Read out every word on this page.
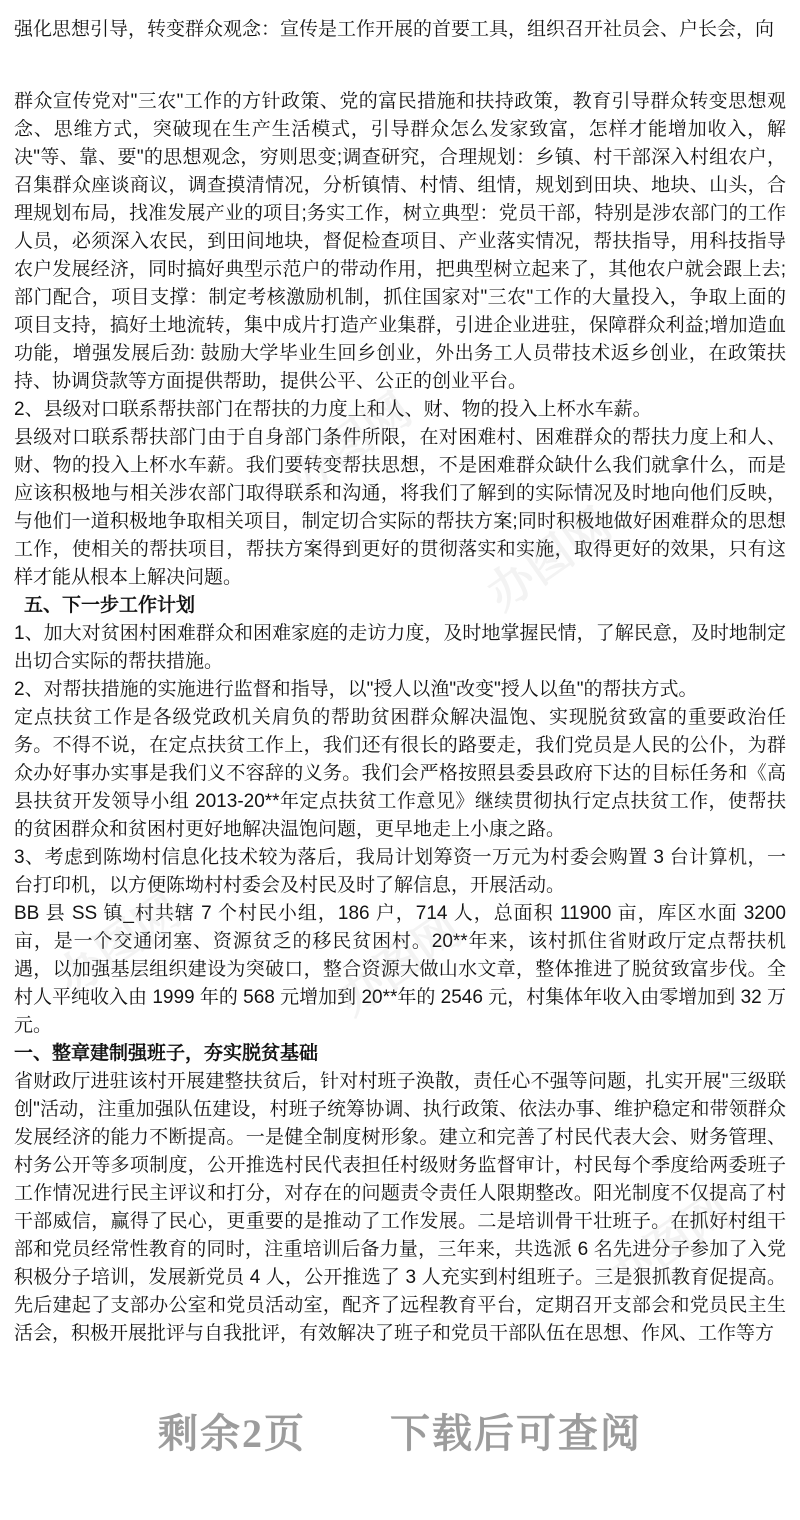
办图网
办图网
办图网	办图网
办图网

强化思想引导，转变群众观念：宣传是工作开展的首要工具，组织召开社员会、户长会，向

群众宣传党对"三农"工作的方针政策、党的富民措施和扶持政策，教育引导群众转变思想观念、思维方式，突破现在生产生活模式，引导群众怎么发家致富，怎样才能增加收入，解决"等、靠、要"的思想观念，穷则思变;调查研究，合理规划：乡镇、村干部深入村组农户，召集群众座谈商议，调查摸清情况，分析镇情、村情、组情，规划到田块、地块、山头，合理规划布局，找准发展产业的项目;务实工作，树立典型：党员干部，特别是涉农部门的工作人员，必须深入农民，到田间地块，督促检查项目、产业落实情况，帮扶指导，用科技指导农户发展经济，同时搞好典型示范户的带动作用，把典型树立起来了，其他农户就会跟上去;部门配合，项目支撑：制定考核激励机制，抓住国家对"三农"工作的大量投入，争取上面的项目支持，搞好土地流转，集中成片打造产业集群，引进企业进驻，保障群众利益;增加造血功能，增强发展后劲: 鼓励大学毕业生回乡创业，外出务工人员带技术返乡创业，在政策扶持、协调贷款等方面提供帮助，提供公平、公正的创业平台。

2、县级对口联系帮扶部门在帮扶的力度上和人、财、物的投入上杯水车薪。

县级对口联系帮扶部门由于自身部门条件所限，在对困难村、困难群众的帮扶力度上和人、财、物的投入上杯水车薪。我们要转变帮扶思想，不是困难群众缺什么我们就拿什么，而是应该积极地与相关涉农部门取得联系和沟通，将我们了解到的实际情况及时地向他们反映，与他们一道积极地争取相关项目，制定切合实际的帮扶方案;同时积极地做好困难群众的思想工作，使相关的帮扶项目，帮扶方案得到更好的贯彻落实和实施，取得更好的效果，只有这样才能从根本上解决问题。

五、下一步工作计划

1、加大对贫困村困难群众和困难家庭的走访力度，及时地掌握民情，了解民意，及时地制定出切合实际的帮扶措施。

2、对帮扶措施的实施进行监督和指导，以"授人以渔"改变"授人以鱼"的帮扶方式。

定点扶贫工作是各级党政机关肩负的帮助贫困群众解决温饱、实现脱贫致富的重要政治任务。不得不说，在定点扶贫工作上，我们还有很长的路要走，我们党员是人民的公仆，为群众办好事办实事是我们义不容辞的义务。我们会严格按照县委县政府下达的目标任务和《高县扶贫开发领导小组 2013-20**年定点扶贫工作意见》继续贯彻执行定点扶贫工作，使帮扶的贫困群众和贫困村更好地解决温饱问题，更早地走上小康之路。

3、考虑到陈坳村信息化技术较为落后，我局计划筹资一万元为村委会购置 3 台计算机，一台打印机，以方便陈坳村村委会及村民及时了解信息，开展活动。

BB 县 SS 镇_村共辖 7 个村民小组，186 户，714 人，总面积 11900 亩，库区水面 3200 亩，是一个交通闭塞、资源贫乏的移民贫困村。20**年来，该村抓住省财政厅定点帮扶机遇，以加强基层组织建设为突破口，整合资源大做山水文章，整体推进了脱贫致富步伐。全村人平纯收入由 1999 年的 568 元增加到 20**年的 2546 元，村集体年收入由零增加到 32 万元。

一、整章建制强班子，夯实脱贫基础

省财政厅进驻该村开展建整扶贫后，针对村班子涣散，责任心不强等问题，扎实开展"三级联创"活动，注重加强队伍建设，村班子统筹协调、执行政策、依法办事、维护稳定和带领群众发展经济的能力不断提高。一是健全制度树形象。建立和完善了村民代表大会、财务管理、村务公开等多项制度，公开推选村民代表担任村级财务监督审计，村民每个季度给两委班子工作情况进行民主评议和打分，对存在的问题责令责任人限期整改。阳光制度不仅提高了村干部威信，赢得了民心，更重要的是推动了工作发展。二是培训骨干壮班子。在抓好村组干部和党员经常性教育的同时，注重培训后备力量，三年来，共选派 6 名先进分子参加了入党积极分子培训，发展新党员 4 人，公开推选了 3 人充实到村组班子。三是狠抓教育促提高。先后建起了支部办公室和党员活动室，配齐了远程教育平台，定期召开支部会和党员民主生活会，积极开展批评与自我批评，有效解决了班子和党员干部队伍在思想、作风、工作等方

剩余2页　　下载后可查阅
